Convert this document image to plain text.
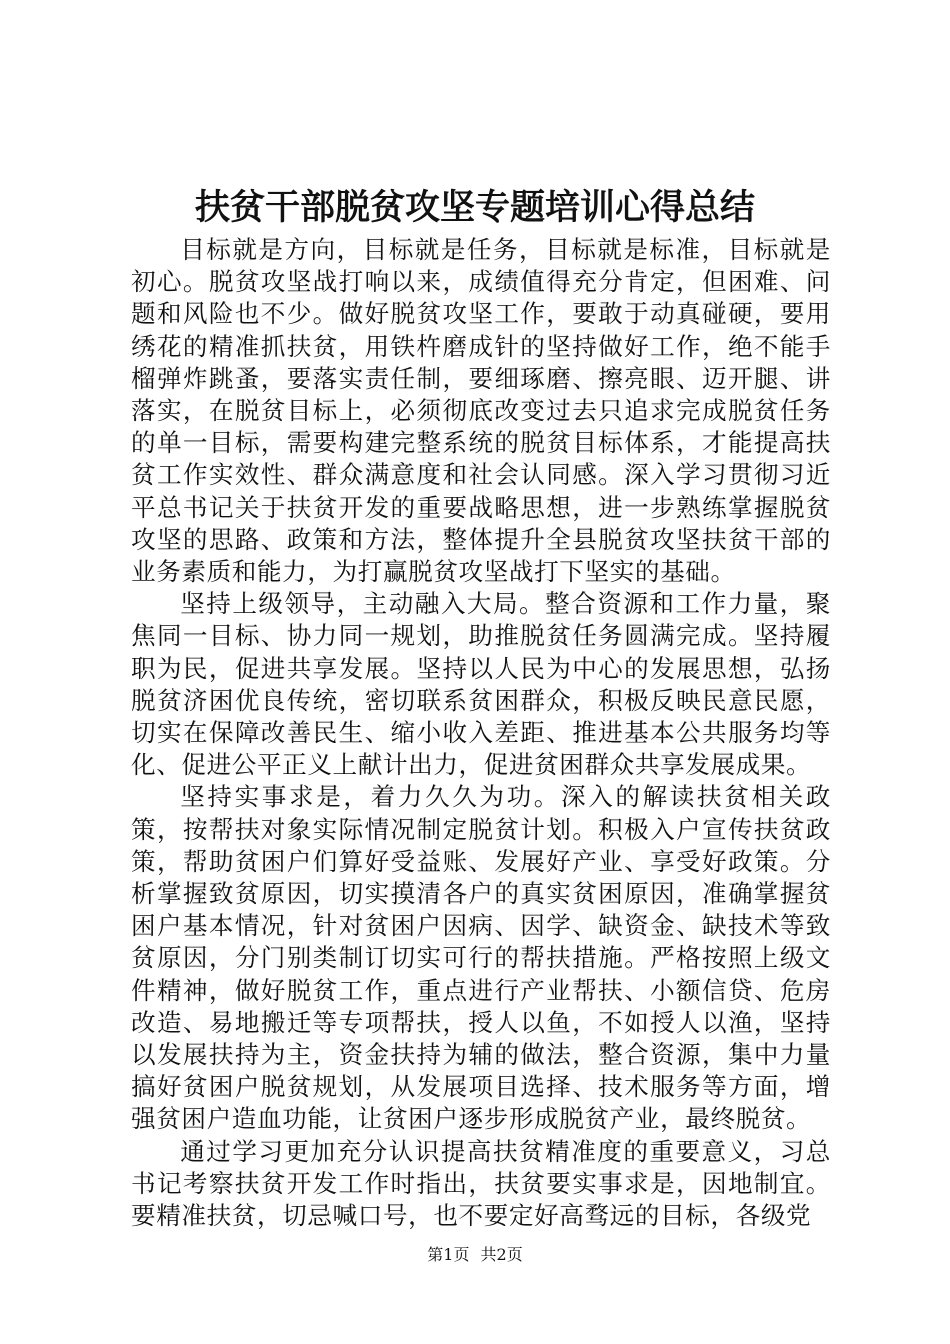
扶贫干部脱贫攻坚专题培训心得总结

目标就是方向，目标就是任务，目标就是标准，目标就是初心。脱贫攻坚战打响以来，成绩值得充分肯定，但困难、问题和风险也不少。做好脱贫攻坚工作，要敢于动真碰硬，要用绣花的精准抓扶贫，用铁杵磨成针的坚持做好工作，绝不能手榴弹炸跳蚤，要落实责任制，要细琢磨、擦亮眼、迈开腿、讲落实，在脱贫目标上，必须彻底改变过去只追求完成脱贫任务的单一目标，需要构建完整系统的脱贫目标体系，才能提高扶贫工作实效性、群众满意度和社会认同感。深入学习贯彻习近平总书记关于扶贫开发的重要战略思想，进一步熟练掌握脱贫攻坚的思路、政策和方法，整体提升全县脱贫攻坚扶贫干部的业务素质和能力，为打赢脱贫攻坚战打下坚实的基础。

坚持上级领导，主动融入大局。整合资源和工作力量，聚焦同一目标、协力同一规划，助推脱贫任务圆满完成。坚持履职为民，促进共享发展。坚持以人民为中心的发展思想，弘扬脱贫济困优良传统，密切联系贫困群众，积极反映民意民愿，切实在保障改善民生、缩小收入差距、推进基本公共服务均等化、促进公平正义上献计出力，促进贫困群众共享发展成果。

坚持实事求是，着力久久为功。深入的解读扶贫相关政策，按帮扶对象实际情况制定脱贫计划。积极入户宣传扶贫政策，帮助贫困户们算好受益账、发展好产业、享受好政策。分析掌握致贫原因，切实摸清各户的真实贫困原因，准确掌握贫困户基本情况，针对贫困户因病、因学、缺资金、缺技术等致贫原因，分门别类制订切实可行的帮扶措施。严格按照上级文件精神，做好脱贫工作，重点进行产业帮扶、小额信贷、危房改造、易地搬迁等专项帮扶，授人以鱼，不如授人以渔，坚持以发展扶持为主，资金扶持为辅的做法，整合资源，集中力量搞好贫困户脱贫规划，从发展项目选择、技术服务等方面，增强贫困户造血功能，让贫困户逐步形成脱贫产业，最终脱贫。

通过学习更加充分认识提高扶贫精准度的重要意义，习总书记考察扶贫开发工作时指出，扶贫要实事求是，因地制宜。要精准扶贫，切忌喊口号，也不要定好高骛远的目标，各级党

第1页 共2页
